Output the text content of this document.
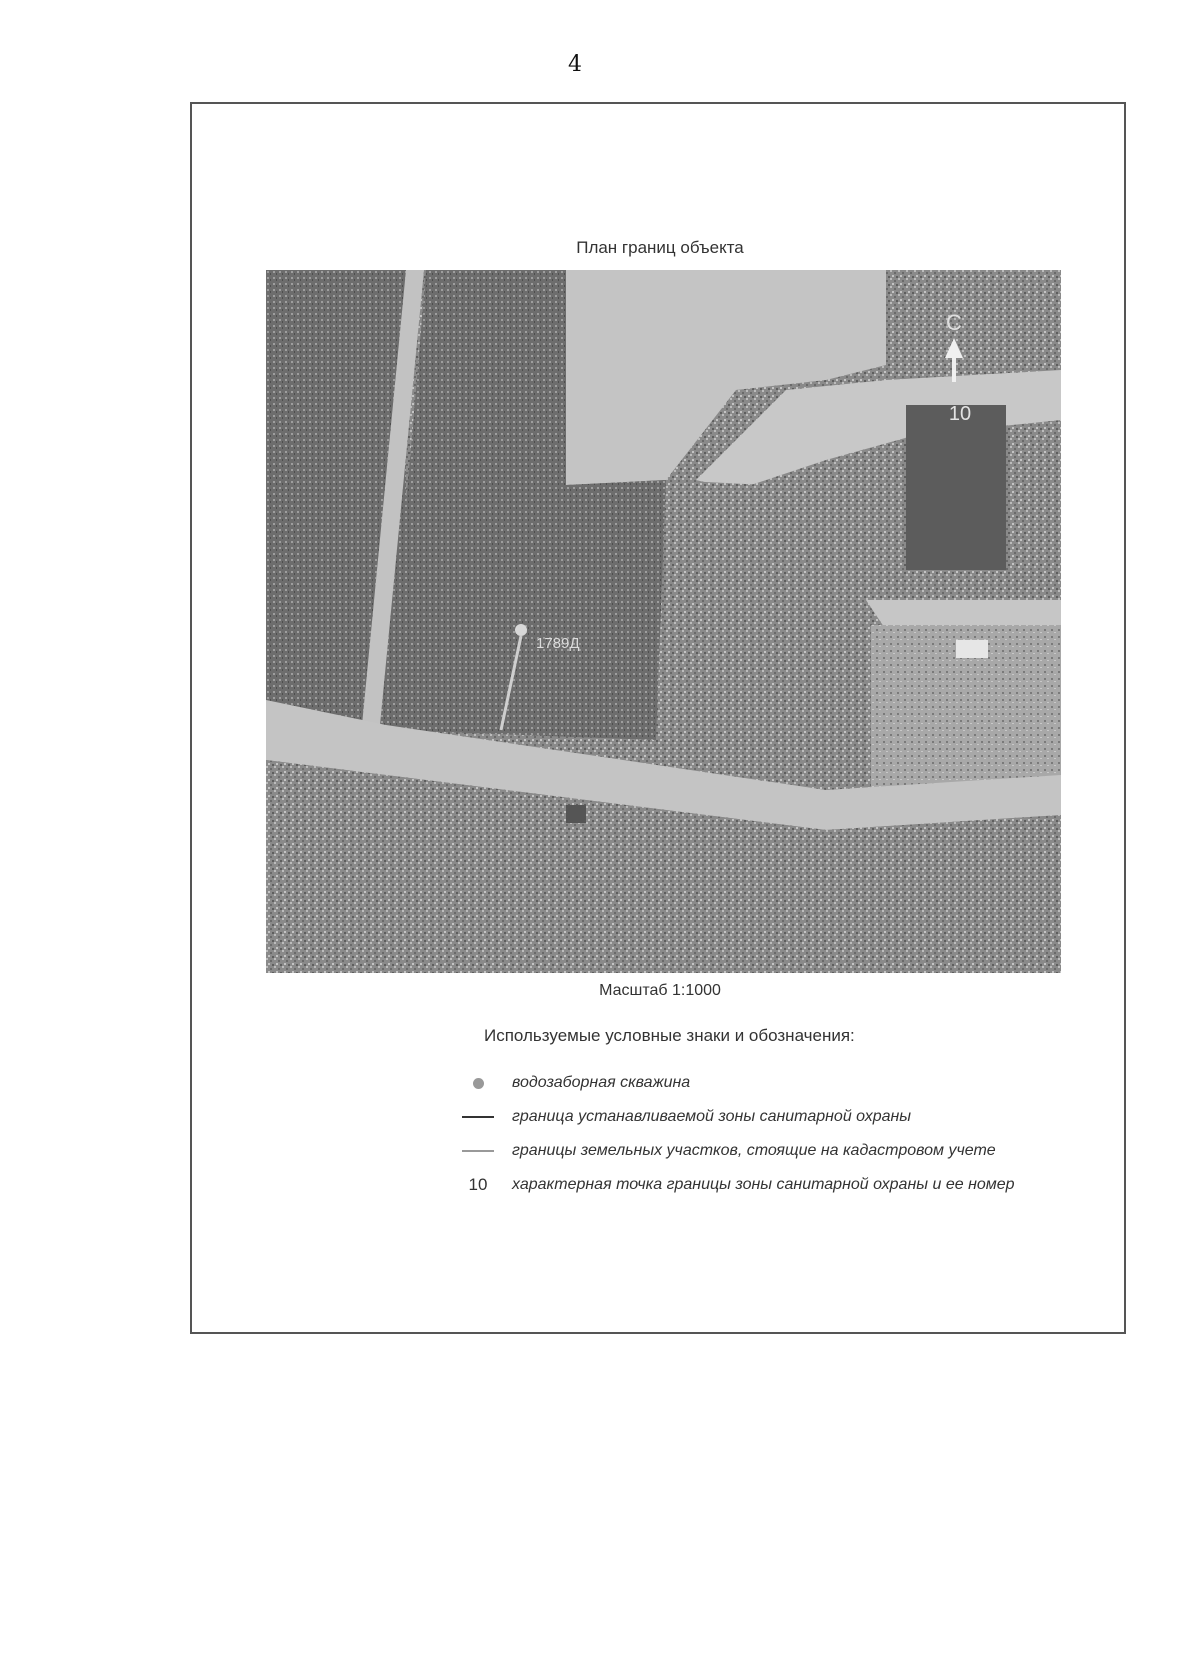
4
План границ объекта
1789Д
С
10
Масштаб 1:1000
Используемые условные знаки и обозначения:
водозаборная скважина
граница устанавливаемой зоны санитарной охраны
границы земельных участков, стоящие на кадастровом учете
10	характерная точка границы зоны санитарной охраны и ее номер
